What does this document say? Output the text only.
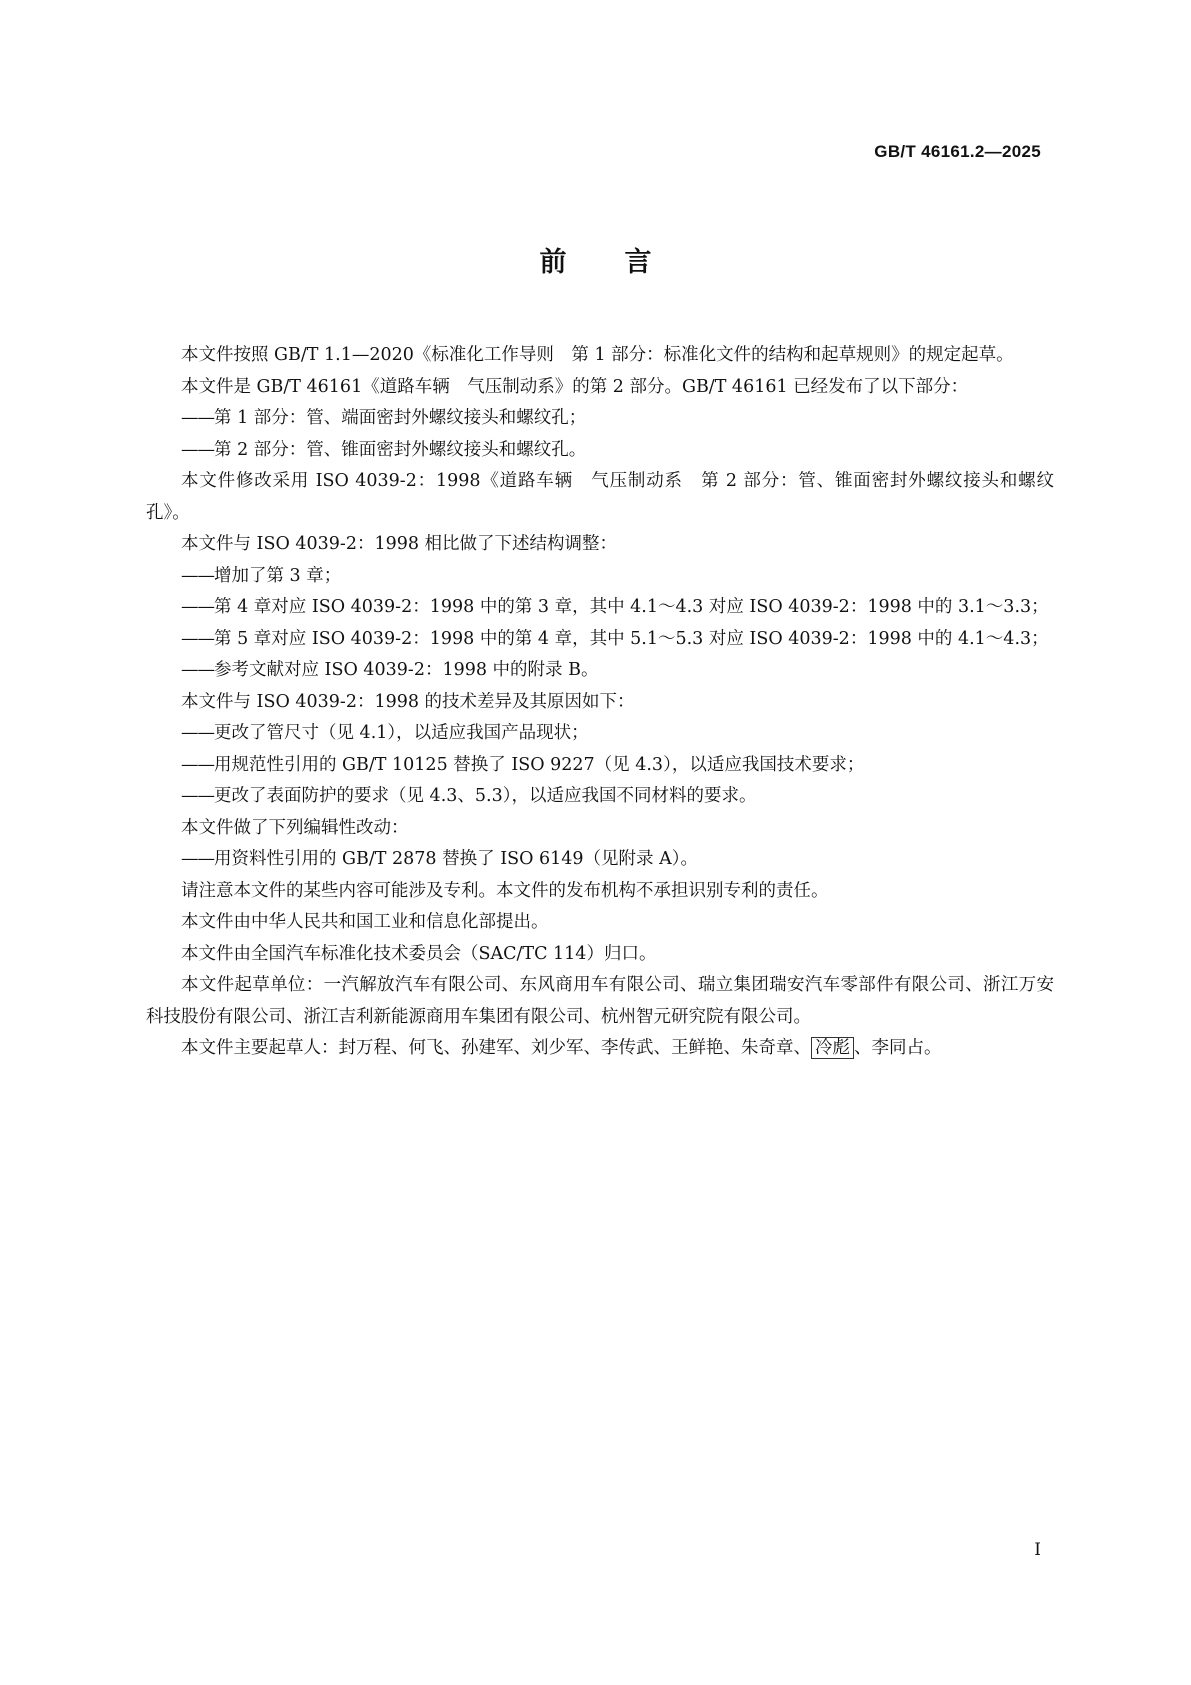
GB/T 46161.2—2025
前言

本文件按照 GB/T 1.1—2020《标准化工作导则　第 1 部分：标准化文件的结构和起草规则》的规定起草。

本文件是 GB/T 46161《道路车辆　气压制动系》的第 2 部分。GB/T 46161 已经发布了以下部分：

——第 1 部分：管、端面密封外螺纹接头和螺纹孔；

——第 2 部分：管、锥面密封外螺纹接头和螺纹孔。

本文件修改采用 ISO 4039-2：1998《道路车辆　气压制动系　第 2 部分：管、锥面密封外螺纹接头和螺纹孔》。

本文件与 ISO 4039-2：1998 相比做了下述结构调整：

——增加了第 3 章；

——第 4 章对应 ISO 4039-2：1998 中的第 3 章，其中 4.1～4.3 对应 ISO 4039-2：1998 中的 3.1～3.3；

——第 5 章对应 ISO 4039-2：1998 中的第 4 章，其中 5.1～5.3 对应 ISO 4039-2：1998 中的 4.1～4.3；

——参考文献对应 ISO 4039-2：1998 中的附录 B。

本文件与 ISO 4039-2：1998 的技术差异及其原因如下：

——更改了管尺寸（见 4.1），以适应我国产品现状；

——用规范性引用的 GB/T 10125 替换了 ISO 9227（见 4.3），以适应我国技术要求；

——更改了表面防护的要求（见 4.3、5.3），以适应我国不同材料的要求。

本文件做了下列编辑性改动：

——用资料性引用的 GB/T 2878 替换了 ISO 6149（见附录 A）。

请注意本文件的某些内容可能涉及专利。本文件的发布机构不承担识别专利的责任。

本文件由中华人民共和国工业和信息化部提出。

本文件由全国汽车标准化技术委员会（SAC/TC 114）归口。

本文件起草单位：一汽解放汽车有限公司、东风商用车有限公司、瑞立集团瑞安汽车零部件有限公司、浙江万安科技股份有限公司、浙江吉利新能源商用车集团有限公司、杭州智元研究院有限公司。

本文件主要起草人：封万程、何飞、孙建军、刘少军、李传武、王鲜艳、朱奇章、 冷彪 、李同占。

I
